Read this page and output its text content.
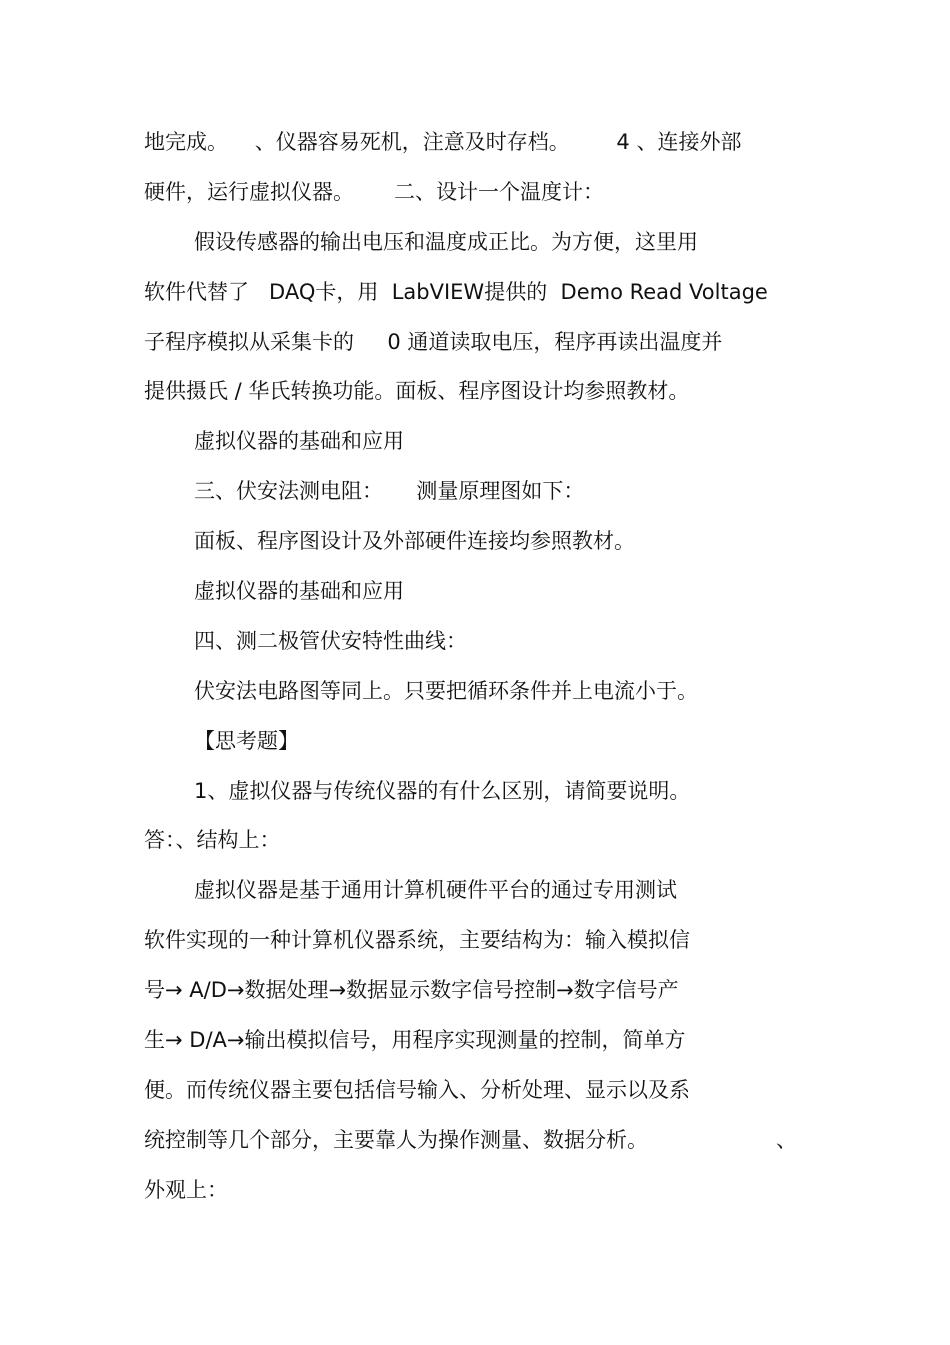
地完成。    、仪器容易死机，注意及时存档。       4 、连接外部
硬件，运行虚拟仪器。      二、设计一个温度计：
假设传感器的输出电压和温度成正比。为方便，这里用
软件代替了   DAQ卡，用  LabVIEW提供的  Demo Read Voltage
子程序模拟从采集卡的     0 通道读取电压，程序再读出温度并
提供摄氏 / 华氏转换功能。面板、程序图设计均参照教材。
虚拟仪器的基础和应用
三、伏安法测电阻：     测量原理图如下：
面板、程序图设计及外部硬件连接均参照教材。
虚拟仪器的基础和应用
四、测二极管伏安特性曲线：
伏安法电路图等同上。只要把循环条件并上电流小于。
【思考题】
1、虚拟仪器与传统仪器的有什么区别，请简要说明。
答：、结构上：
虚拟仪器是基于通用计算机硬件平台的通过专用测试
软件实现的一种计算机仪器系统，主要结构为：输入模拟信
号→ A/D→数据处理→数据显示数字信号控制→数字信号产
生→ D/A→输出模拟信号，用程序实现测量的控制，简单方
便。而传统仪器主要包括信号输入、分析处理、显示以及系
统控制等几个部分，主要靠人为操作测量、数据分析。	、
外观上：
